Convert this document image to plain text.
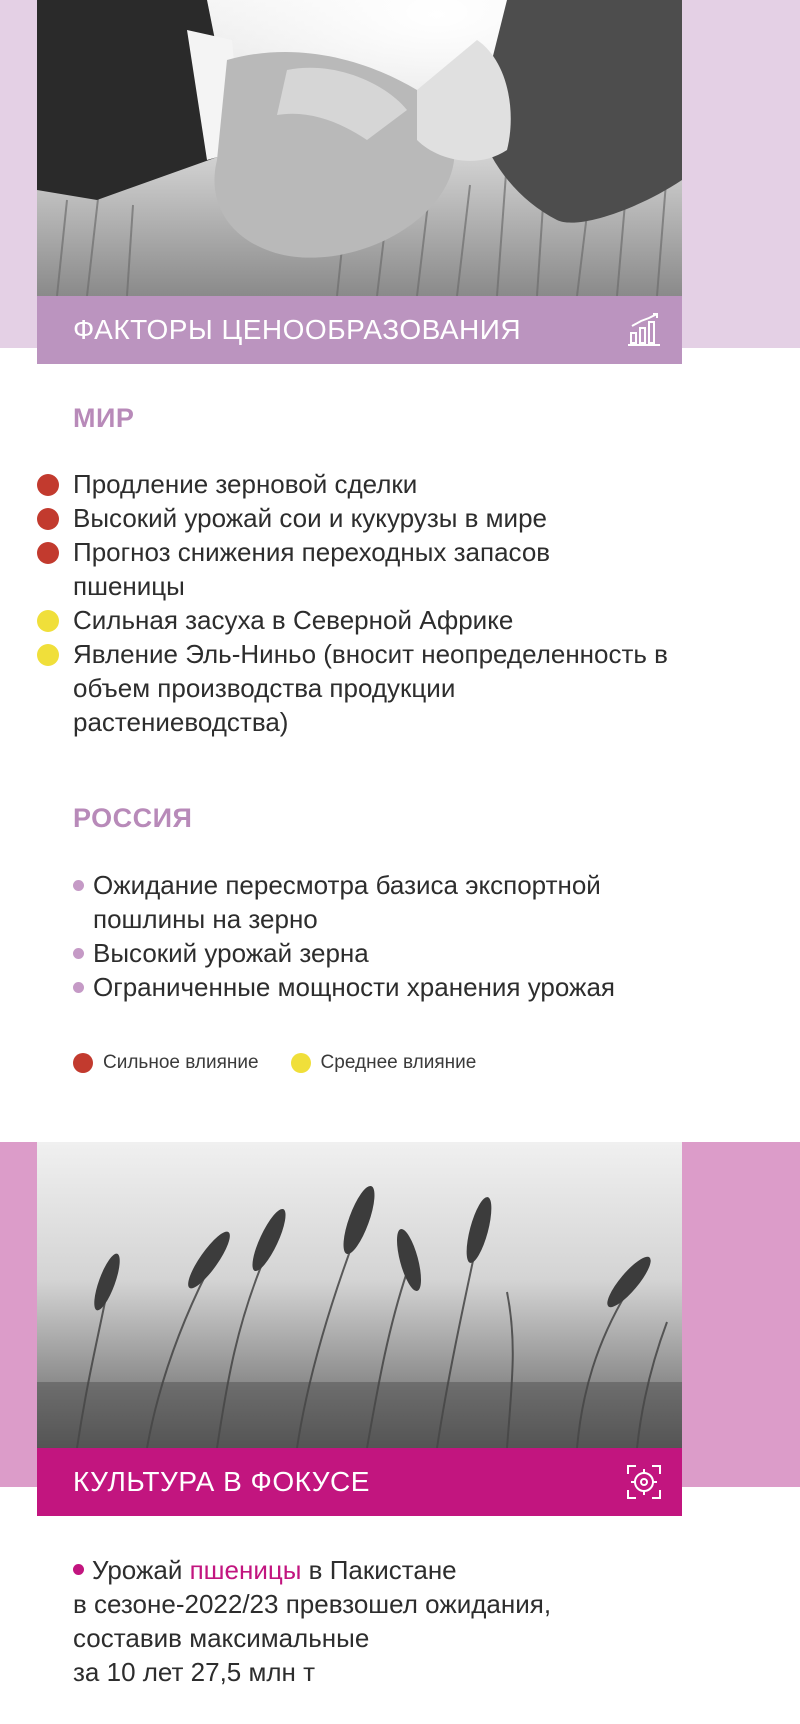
ФАКТОРЫ ЦЕНООБРАЗОВАНИЯ
МИР
Продление зерновой сделки
Высокий урожай сои и кукурузы в мире
Прогноз снижения переходных запасов пшеницы
Сильная засуха в Северной Африке
Явление Эль-Ниньо (вносит неопределенность в объем производства продукции растениеводства)
РОССИЯ
Ожидание пересмотра базиса экспортной пошлины на зерно
Высокий урожай зерна
Ограниченные мощности хранения урожая
Сильное влияние	Среднее влияние
КУЛЬТУРА В ФОКУСЕ
Урожай пшеницы в Пакистане
в сезоне-2022/23 превзошел ожидания,
составив максимальные
за 10 лет 27,5 млн т
